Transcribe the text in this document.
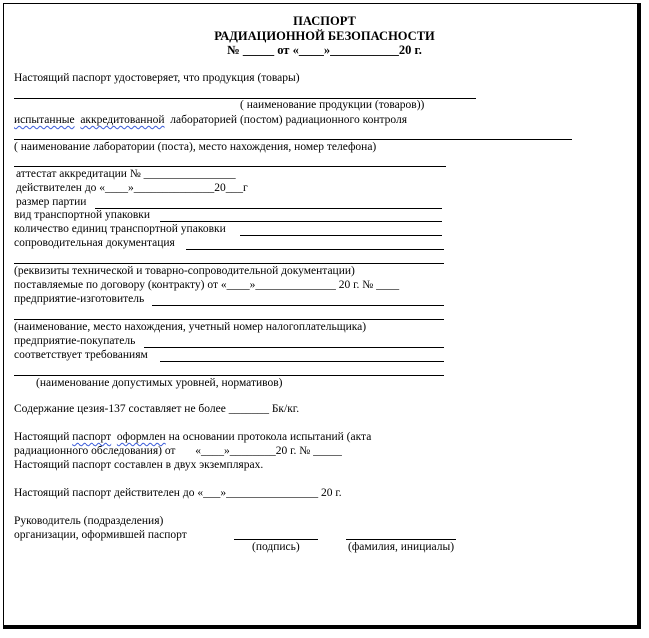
ПАСПОРТ
РАДИАЦИОННОЙ БЕЗОПАСНОСТИ
№ _____ от «____»___________20 г.
Настоящий паспорт удостоверяет, что продукция (товары)
( наименование продукции (товаров))
испытанные аккредитованной лабораторией (постом) радиационного контроля
( наименование лаборатории (поста), место нахождения, номер телефона)
аттестат аккредитации № ________________
действителен до «____»______________20___г
размер партии
вид транспортной упаковки
количество единиц транспортной упаковки
сопроводительная документация
(реквизиты технической и товарно-сопроводительной документации)
поставляемые по договору (контракту) от «____»______________ 20 г. № ____
предприятие-изготовитель
(наименование, место нахождения, учетный номер налогоплательщика)
предприятие-покупатель
соответствует требованиям
(наименование допустимых уровней, нормативов)
Содержание цезия-137 составляет не более _______ Бк/кг.
Настоящий паспорт оформлен на основании протокола испытаний (акта
радиационного обследования) от «____»________20 г. № _____
Настоящий паспорт составлен в двух экземплярах.
Настоящий паспорт действителен до «___»________________ 20 г.
Руководитель (подразделения)
организации, оформившей паспорт
(подпись)	(фамилия, инициалы)
